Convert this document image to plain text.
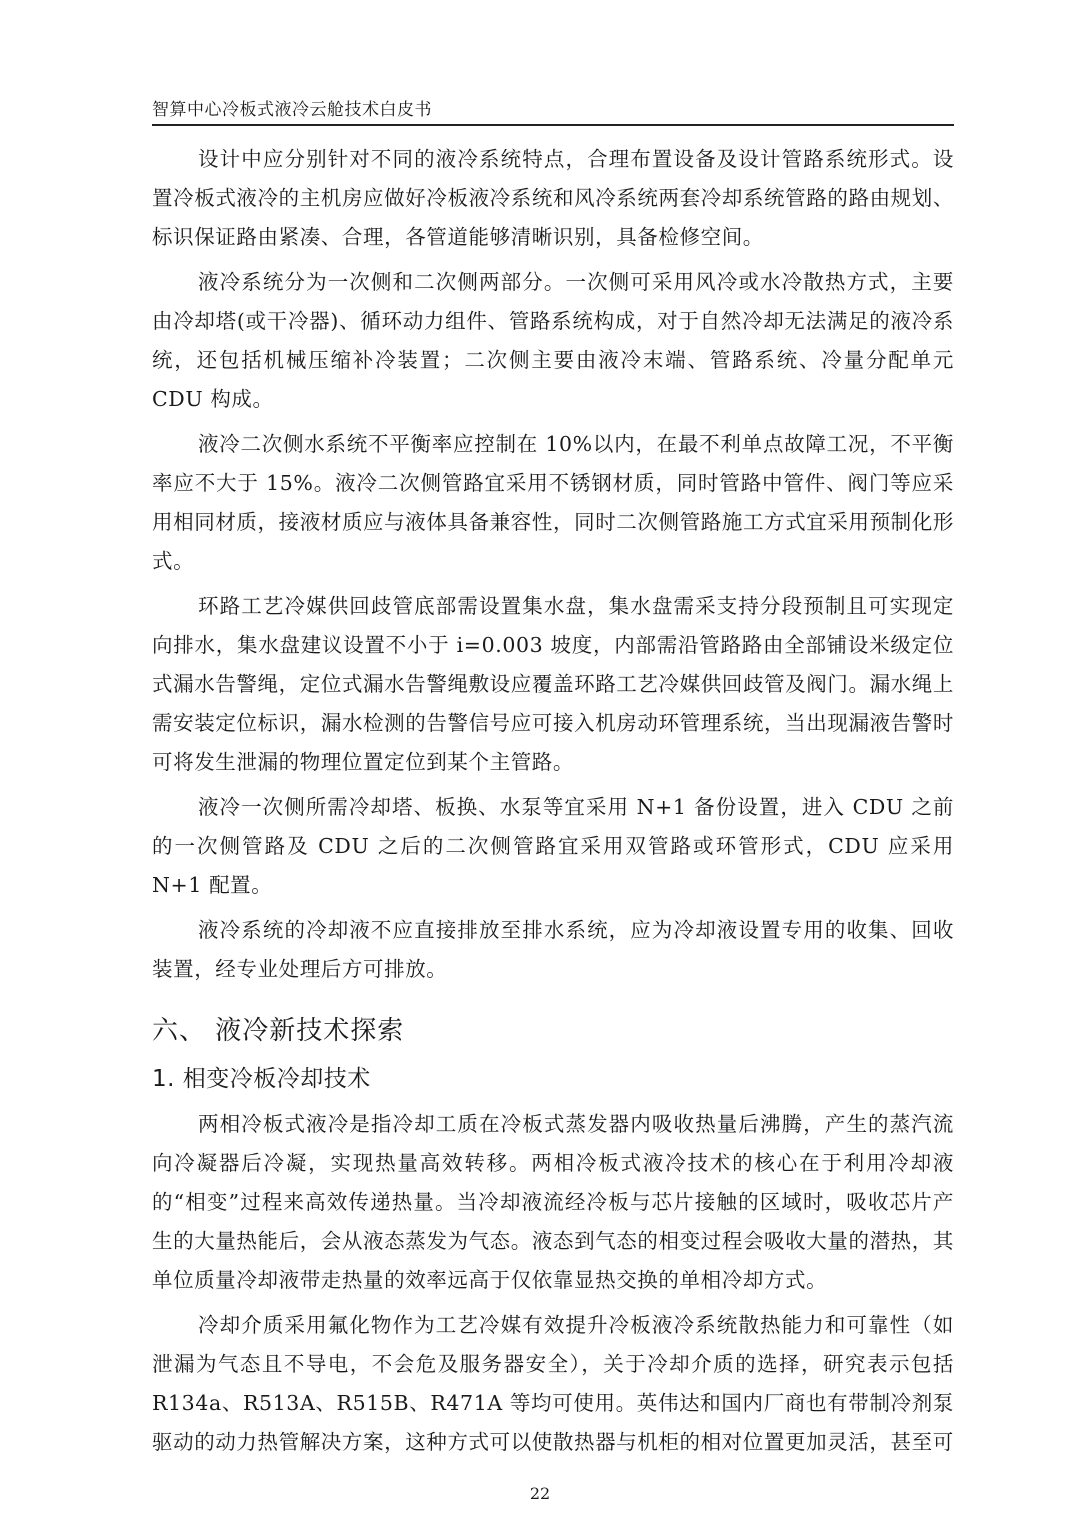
智算中心冷板式液冷云舱技术白皮书

设计中应分别针对不同的液冷系统特点，合理布置设备及设计管路系统形式。设置冷板式液冷的主机房应做好冷板液冷系统和风冷系统两套冷却系统管路的路由规划、标识保证路由紧凑、合理，各管道能够清晰识别，具备检修空间。

液冷系统分为一次侧和二次侧两部分。一次侧可采用风冷或水冷散热方式，主要由冷却塔(或干冷器)、循环动力组件、管路系统构成，对于自然冷却无法满足的液冷系统，还包括机械压缩补冷装置；二次侧主要由液冷末端、管路系统、冷量分配单元 CDU 构成。

液冷二次侧水系统不平衡率应控制在 10%以内，在最不利单点故障工况，不平衡率应不大于 15%。液冷二次侧管路宜采用不锈钢材质，同时管路中管件、阀门等应采用相同材质，接液材质应与液体具备兼容性，同时二次侧管路施工方式宜采用预制化形式。

环路工艺冷媒供回歧管底部需设置集水盘，集水盘需采支持分段预制且可实现定向排水，集水盘建议设置不小于 i=0.003 坡度，内部需沿管路路由全部铺设米级定位式漏水告警绳，定位式漏水告警绳敷设应覆盖环路工艺冷媒供回歧管及阀门。漏水绳上需安装定位标识，漏水检测的告警信号应可接入机房动环管理系统，当出现漏液告警时可将发生泄漏的物理位置定位到某个主管路。

液冷一次侧所需冷却塔、板换、水泵等宜采用 N+1 备份设置，进入 CDU 之前的一次侧管路及 CDU 之后的二次侧管路宜采用双管路或环管形式，CDU 应采用 N+1 配置。

液冷系统的冷却液不应直接排放至排水系统，应为冷却液设置专用的收集、回收装置，经专业处理后方可排放。

六、 液冷新技术探索
1. 相变冷板冷却技术

两相冷板式液冷是指冷却工质在冷板式蒸发器内吸收热量后沸腾，产生的蒸汽流向冷凝器后冷凝，实现热量高效转移。两相冷板式液冷技术的核心在于利用冷却液的“相变”过程来高效传递热量。当冷却液流经冷板与芯片接触的区域时，吸收芯片产生的大量热能后，会从液态蒸发为气态。液态到气态的相变过程会吸收大量的潜热，其单位质量冷却液带走热量的效率远高于仅依靠显热交换的单相冷却方式。

冷却介质采用氟化物作为工艺冷媒有效提升冷板液冷系统散热能力和可靠性（如泄漏为气态且不导电，不会危及服务器安全），关于冷却介质的选择，研究表示包括 R134a、R513A、R515B、R471A 等均可使用。英伟达和国内厂商也有带制冷剂泵驱动的动力热管解决方案，这种方式可以使散热器与机柜的相对位置更加灵活，甚至可

22
